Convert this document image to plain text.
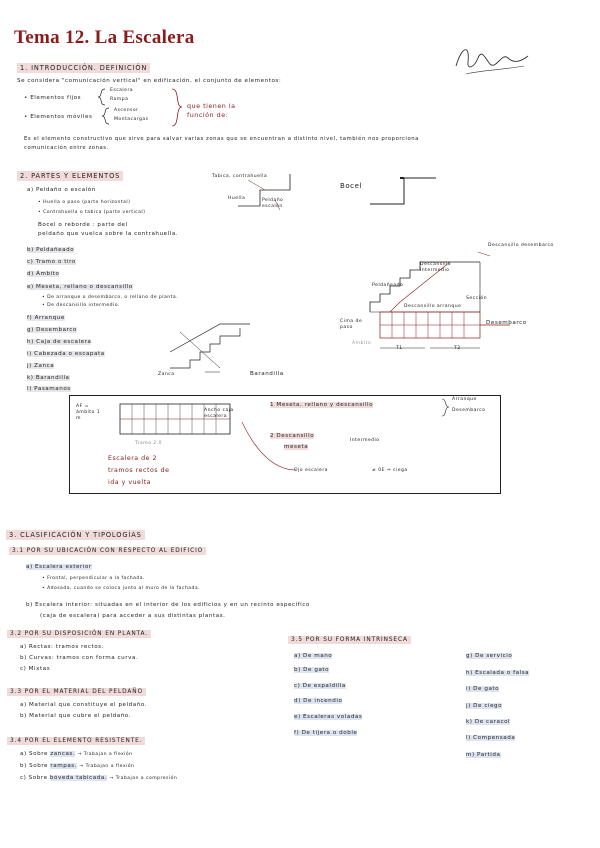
Tema 12. La Escalera
1. INTRODUCCIÓN. DEFINICIÓN
Se considera "comunicación vertical" en edificación, el conjunto de elementos:
• Elementos fijos
Escalera
Rampa
• Elementos móviles
Ascensor
Montacargas
que tienen la
función de:
Es el elemento constructivo que sirve para salvar varias zonas que se encuentran a distinto nivel, también nos proporciona
comunicación entre zonas.
2. PARTES Y ELEMENTOS
a) Peldaño o escalón
• Huella o paso (parte horizontal)
• Contrahuella o tabica (parte vertical)
Bocel o reborde : parte del
peldaño que vuelca sobre la contrahuella.
Tabica, contrahuella
Huella	Peldaño escalón
Bocel
b) Peldañeado
c) Tramo o tiro
d) Ámbito
e) Meseta, rellano o descansillo
• De arranque o desembarco, o rellano de planta.
• De descansillo intermedio.
f) Arranque
g) Desembarco
h) Caja de escalera
i) Cabezada o escapata
j) Zanca
k) Barandilla
l) Pasamanos
Descansillo desembarco
Descansillo intermedio
Peldañeado
Sección
Descansillo arranque
Desembarco
Cima de paso
Ámbito
T1	T2
Zanca	Barandilla
AF = ámbito 1 m
Ancho caja escalera
Tramo 2.0
Escalera de 2
tramos rectos de
ida y vuelta
1 Meseta, rellano y descansillo
Arranque
Desembarco
2 Descansillo
meseta
Intermedio
Ojo escalera	≠ 0E ⇒ ciega
3. CLASIFICACIÓN Y TIPOLOGÍAS
3.1 POR SU UBICACIÓN CON RESPECTO AL EDIFICIO
a) Escalera exterior
• Frontal, perpendicular a la fachada.
• Adosada, cuando se coloca junto al muro de la fachada.
b) Escalera interior: situadas en el interior de los edificios y en un recinto específico
(caja de escalera) para acceder a sus distintas plantas.
3.2 POR SU DISPOSICIÓN EN PLANTA.
a) Rectas: tramos rectos.
b) Curvas: tramos con forma curva.
c) Mixtas
3.3 POR EL MATERIAL DEL PELDAÑO
a) Material que constituye el peldaño.
b) Material que cubre el peldaño.
3.4 POR EL ELEMENTO RESISTENTE.
a) Sobre zancas. → Trabajan a flexión
b) Sobre rampas. → Trabajan a flexión
c) Sobre bóveda tabicada. → Trabajan a compresión
3.5 POR SU FORMA INTRÍNSECA
a) De mano
b) De gato
c) De espaldilla
d) De incendio
e) Escaleras voladas
f) De tijera o doble
g) De servicio
h) Escalada o falsa
i) De gato
j) De ciego
k) De caracol
l) Compensada
m) Partida
